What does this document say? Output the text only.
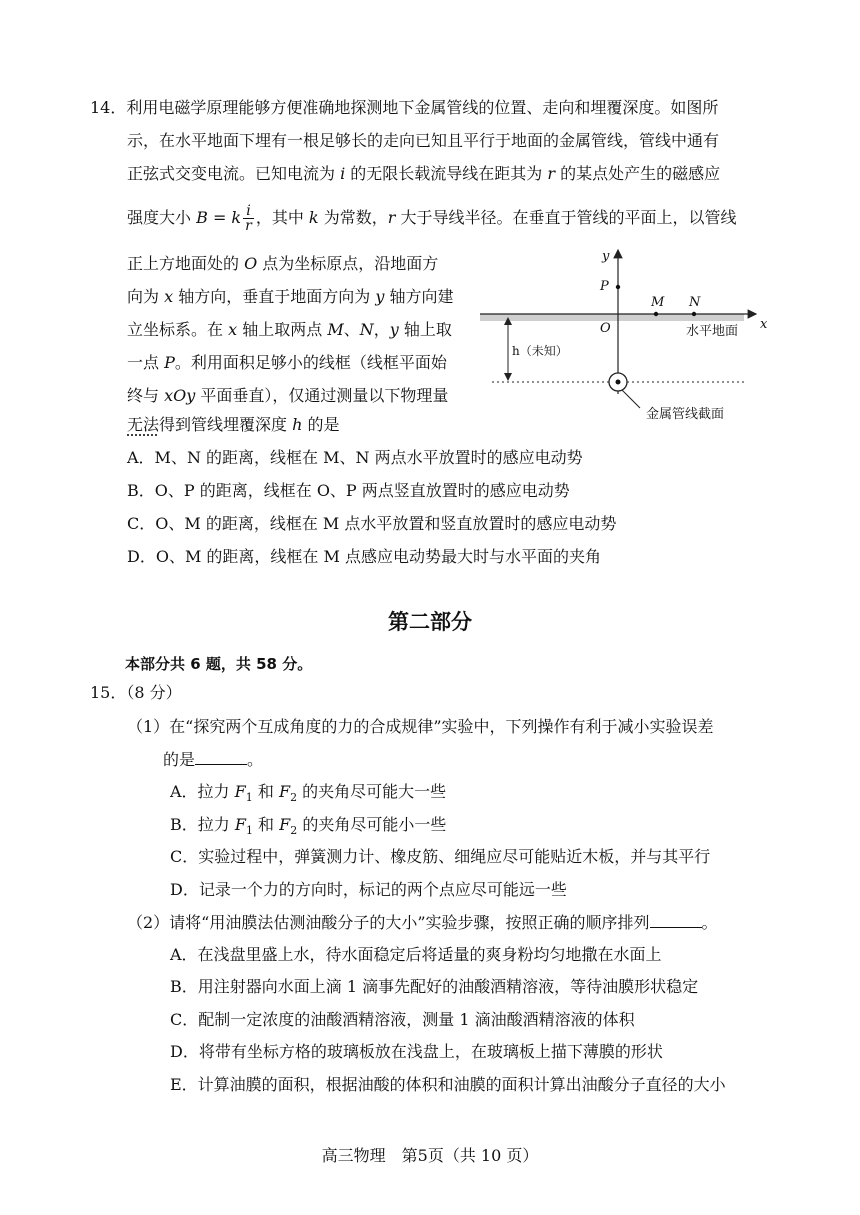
14．利用电磁学原理能够方便准确地探测地下金属管线的位置、走向和埋覆深度。如图所
示，在水平地面下埋有一根足够长的走向已知且平行于地面的金属管线，管线中通有
正弦式交变电流。已知电流为 i 的无限长载流导线在距其为 r 的某点处产生的磁感应
强度大小 B = k $\frac{i}{r}$ ，其中 k 为常数，r 大于导线半径。在垂直于管线的平面上，以管线
正上方地面处的 O 点为坐标原点，沿地面方
向为 x 轴方向，垂直于地面方向为 y 轴方向建
立坐标系。在 x 轴上取两点 M、N，y 轴上取
一点 P。利用面积足够小的线框（线框平面始
终与 xOy 平面垂直），仅通过测量以下物理量
无法得到管线埋覆深度 h 的是
A．M、N 的距离，线框在 M、N 两点水平放置时的感应电动势
B．O、P 的距离，线框在 O、P 两点竖直放置时的感应电动势
C．O、M 的距离，线框在 M 点水平放置和竖直放置时的感应电动势
D．O、M 的距离，线框在 M 点感应电动势最大时与水平面的夹角
y
x
P
M N
O	水平地面
h（未知）
金属管线截面
第二部分
本部分共 6 题，共 58 分。
15．（8 分）
（1）在“探究两个互成角度的力的合成规律”实验中，下列操作有利于减小实验误差
的是	。
A．拉力 $F_1$ 和 $F_2$ 的夹角尽可能大一些
B．拉力 $F_1$ 和 $F_2$ 的夹角尽可能小一些
C．实验过程中，弹簧测力计、橡皮筋、细绳应尽可能贴近木板，并与其平行
D．记录一个力的方向时，标记的两个点应尽可能远一些
（2）请将“用油膜法估测油酸分子的大小”实验步骤，按照正确的顺序排列	。
A．在浅盘里盛上水，待水面稳定后将适量的爽身粉均匀地撒在水面上
B．用注射器向水面上滴 1 滴事先配好的油酸酒精溶液，等待油膜形状稳定
C．配制一定浓度的油酸酒精溶液，测量 1 滴油酸酒精溶液的体积
D．将带有坐标方格的玻璃板放在浅盘上，在玻璃板上描下薄膜的形状
E．计算油膜的面积，根据油酸的体积和油膜的面积计算出油酸分子直径的大小
高三物理　第5页（共 10 页）
